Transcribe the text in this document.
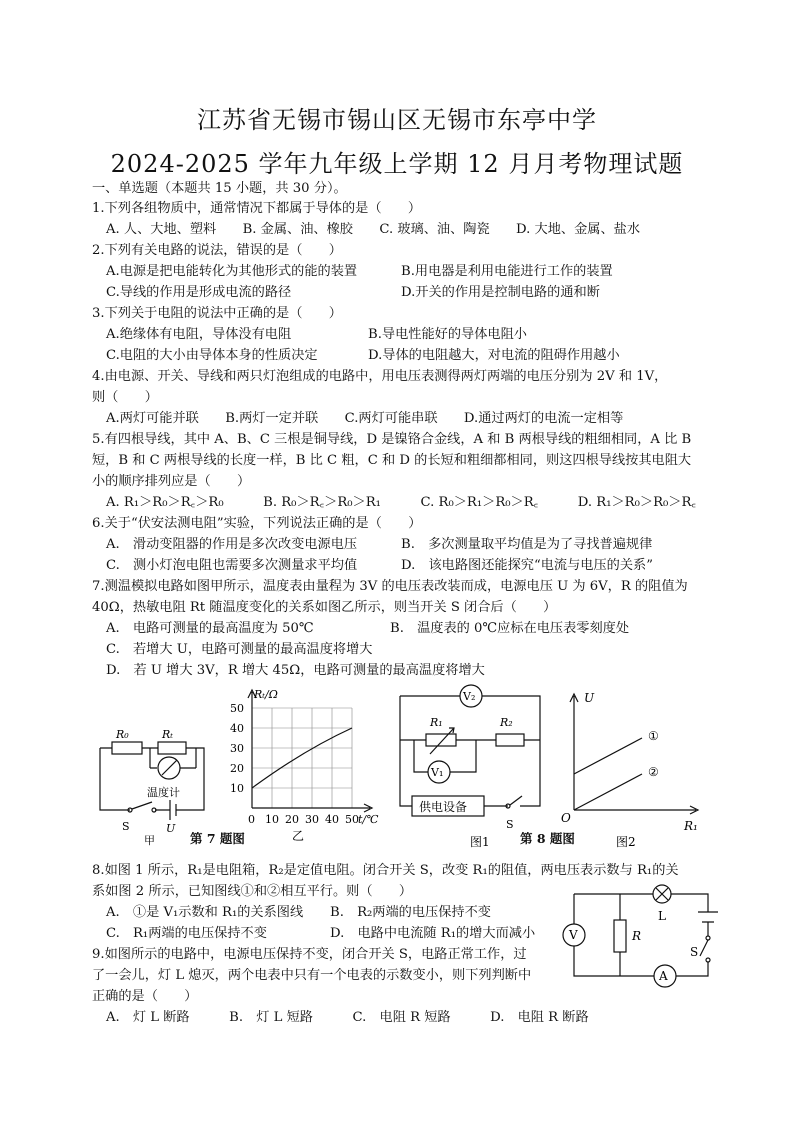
江苏省无锡市锡山区无锡市东亭中学
2024-2025 学年九年级上学期 12 月月考物理试题
一、单选题（本题共 15 小题，共 30 分）。
1.下列各组物质中，通常情况下都属于导体的是（　　）
A. 人、大地、塑料　　B. 金属、油、橡胶　　C. 玻璃、油、陶瓷　　D. 大地、金属、盐水
2.下列有关电路的说法，错误的是（　　）
A.电源是把电能转化为其他形式的能的装置	B.用电器是利用电能进行工作的装置
C.导线的作用是形成电流的路径	D.开关的作用是控制电路的通和断
3.下列关于电阻的说法中正确的是（　　）
A.绝缘体有电阻，导体没有电阻	B.导电性能好的导体电阻小
C.电阻的大小由导体本身的性质决定	D.导体的电阻越大，对电流的阻碍作用越小
4.由电源、开关、导线和两只灯泡组成的电路中，用电压表测得两灯两端的电压分别为 2V 和 1V，
则（　　）
A.两灯可能并联　　B.两灯一定并联　　C.两灯可能串联　　D.通过两灯的电流一定相等
5.有四根导线，其中 A、B、C 三根是铜导线，D 是镍铬合金线，A 和 B 两根导线的粗细相同，A 比 B
短，B 和 C 两根导线的长度一样，B 比 C 粗，C 和 D 的长短和粗细都相同，则这四根导线按其电阻大
小的顺序排列应是（　　）
A. R₁＞R₀＞R꜀＞R₀　　　B. R₀＞R꜀＞R₀＞R₁　　　C. R₀＞R₁＞R₀＞R꜀　　　D. R₁＞R₀＞R₀＞R꜀
6.关于“伏安法测电阻”实验，下列说法正确的是（　　）
A.　滑动变阻器的作用是多次改变电源电压	B.　多次测量取平均值是为了寻找普遍规律
C.　测小灯泡电阻也需要多次测量求平均值	D.　该电路图还能探究“电流与电压的关系”
7.测温模拟电路如图甲所示，温度表由量程为 3V 的电压表改装而成，电源电压 U 为 6V，R 的阻值为
40Ω，热敏电阻 Rt 随温度变化的关系如图乙所示，则当开关 S 闭合后（　　）
A.　电路可测量的最高温度为 50℃	B.　温度表的 0℃应标在电压表零刻度处
C.　若增大 U，电路可测量的最高温度将增大
D.　若 U 增大 3V，R 增大 45Ω，电路可测量的最高温度将增大
R₀	Rₜ
温度计
S	U
甲	第 7 题图
Rₜ/Ω
10
20
30
40
50
0 10 20 30 40 50 t/℃
乙
V₂
V₁
R₁	R₂
供电设备
S
图1 第 8 题图
U
O
①
②
R₁
图2
8.如图 1 所示，R₁是电阻箱，R₂是定值电阻。闭合开关 S，改变 R₁的阻值，两电压表示数与 R₁的关
系如图 2 所示，已知图线①和②相互平行。则（　　）
A.　①是 V₁示数和 R₁的关系图线 B.　R₂两端的电压保持不变
C.　R₁两端的电压保持不变	D.　电路中电流随 R₁的增大而减小
9.如图所示的电路中，电源电压保持不变，闭合开关 S，电路正常工作，过
了一会儿，灯 L 熄灭，两个电表中只有一个电表的示数变小，则下列判断中
正确的是（　　）
A.　灯 L 断路　　　B.　灯 L 短路　　　C.　电阻 R 短路　　　D.　电阻 R 断路
V
A
L
R
S
